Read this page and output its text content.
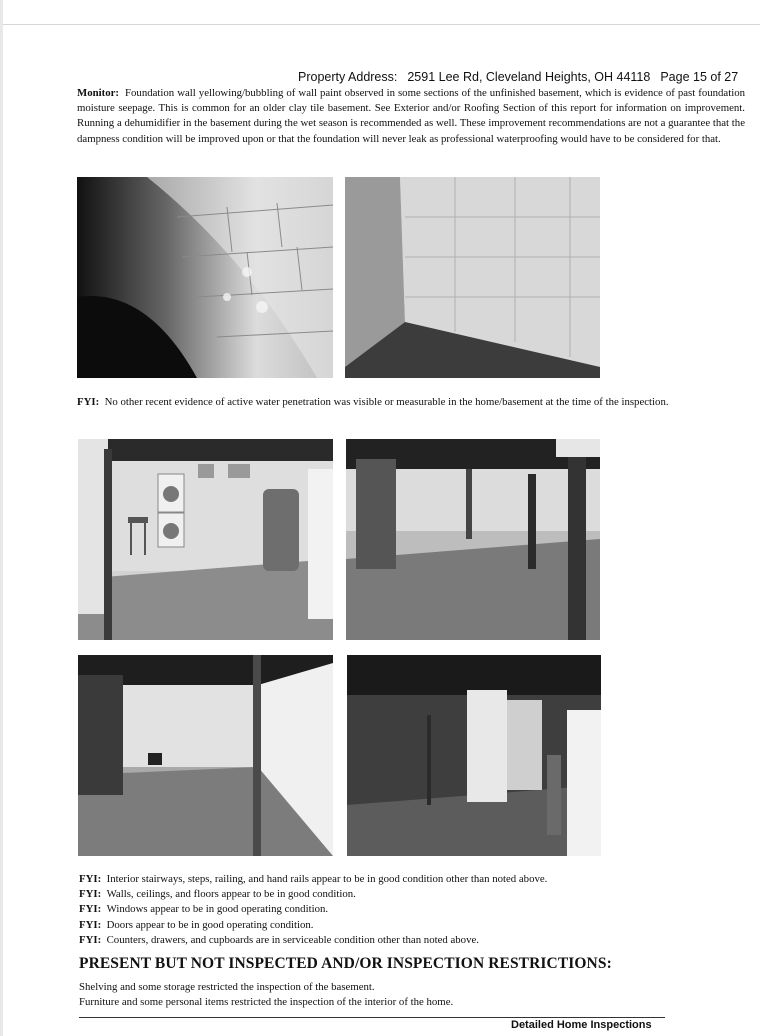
Property Address: 2591 Lee Rd, Cleveland Heights, OH 44118 Page 15 of 27
Monitor: Foundation wall yellowing/bubbling of wall paint observed in some sections of the unfinished basement, which is evidence of past foundation moisture seepage. This is common for an older clay tile basement. See Exterior and/or Roofing Section of this report for information on improvement. Running a dehumidifier in the basement during the wet season is recommended as well. These improvement recommendations are not a guarantee that the dampness condition will be improved upon or that the foundation will never leak as professional waterproofing would have to be considered for that.
FYI: No other recent evidence of active water penetration was visible or measurable in the home/basement at the time of the inspection.
FYI: Interior stairways, steps, railing, and hand rails appear to be in good condition other than noted above.
FYI: Walls, ceilings, and floors appear to be in good condition.
FYI: Windows appear to be in good operating condition.
FYI: Doors appear to be in good operating condition.
FYI: Counters, drawers, and cupboards are in serviceable condition other than noted above.
PRESENT BUT NOT INSPECTED AND/OR INSPECTION RESTRICTIONS:
Shelving and some storage restricted the inspection of the basement.
Furniture and some personal items restricted the inspection of the interior of the home.
Detailed Home Inspections
